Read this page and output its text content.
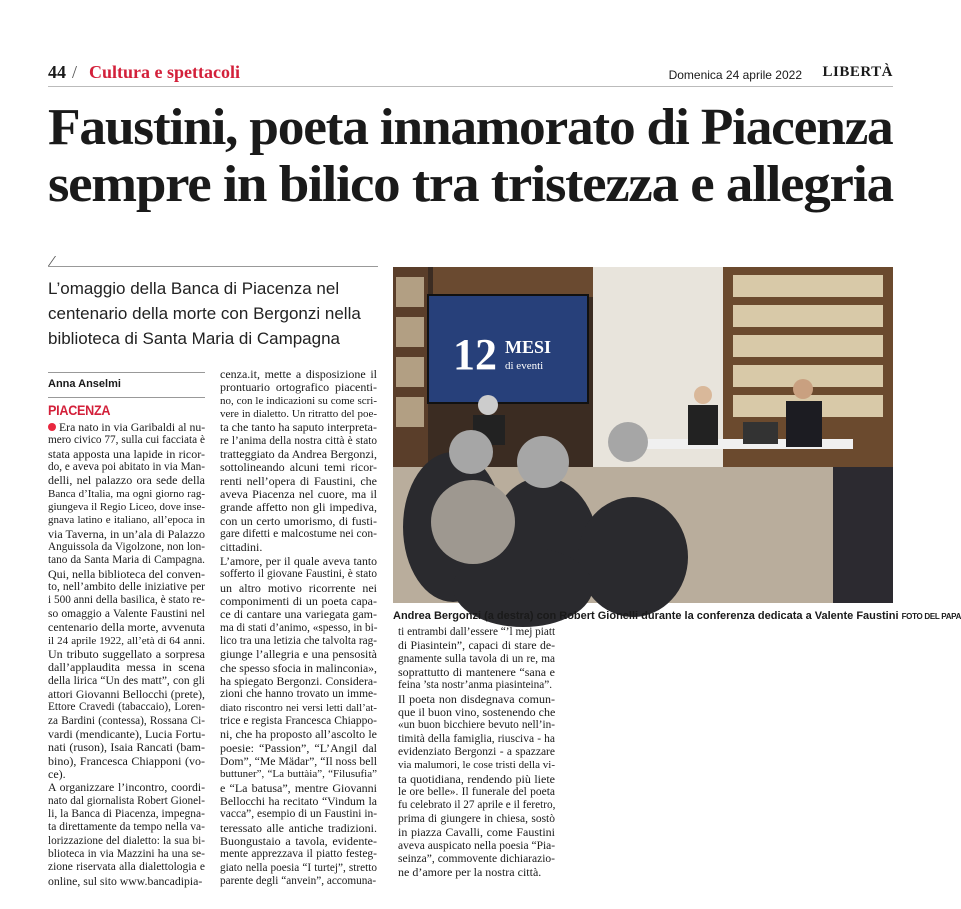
44 / Cultura e spettacoli	Domenica 24 aprile 2022 LIBERTÀ
Faustini, poeta innamorato di Piacenza
sempre in bilico tra tristezza e allegria
L’omaggio della Banca di Piacenza nel centenario della morte con Bergonzi nella biblioteca di Santa Maria di Campagna
Anna Anselmi
PIACENZA
Era nato in via Garibaldi al nu-
mero civico 77, sulla cui facciata è
stata apposta una lapide in ricor-
do, e aveva poi abitato in via Man-
delli, nel palazzo ora sede della
Banca d’Italia, ma ogni giorno rag-
giungeva il Regio Liceo, dove inse-
gnava latino e italiano, all’epoca in
via Taverna, in un’ala di Palazzo
Anguissola da Vigolzone, non lon-
tano da Santa Maria di Campagna.
Qui, nella biblioteca del conven-
to, nell’ambito delle iniziative per
i 500 anni della basilica, è stato re-
so omaggio a Valente Faustini nel
centenario della morte, avvenuta
il 24 aprile 1922, all’età di 64 anni.
Un tributo suggellato a sorpresa
dall’applaudita messa in scena
della lirica “Un des matt”, con gli
attori Giovanni Bellocchi (prete),
Ettore Cravedi (tabaccaio), Loren-
za Bardini (contessa), Rossana Ci-
vardi (mendicante), Lucia Fortu-
nati (ruson), Isaia Rancati (bam-
bino), Francesca Chiapponi (vo-
ce).
A organizzare l’incontro, coordi-
nato dal giornalista Robert Gionel-
li, la Banca di Piacenza, impegna-
ta direttamente da tempo nella va-
lorizzazione del dialetto: la sua bi-
blioteca in via Mazzini ha una se-
zione riservata alla dialettologia e
online, sul sito www.bancadipia-
cenza.it, mette a disposizione il
prontuario ortografico piacenti-
no, con le indicazioni su come scri-
vere in dialetto. Un ritratto del poe-
ta che tanto ha saputo interpreta-
re l’anima della nostra città è stato
tratteggiato da Andrea Bergonzi,
sottolineando alcuni temi ricor-
renti nell’opera di Faustini, che
aveva Piacenza nel cuore, ma il
grande affetto non gli impediva,
con un certo umorismo, di fusti-
gare difetti e malcostume nei con-
cittadini.
L’amore, per il quale aveva tanto
sofferto il giovane Faustini, è stato
un altro motivo ricorrente nei
componimenti di un poeta capa-
ce di cantare una variegata gam-
ma di stati d’animo, «spesso, in bi-
lico tra una letizia che talvolta rag-
giunge l’allegria e una pensosità
che spesso sfocia in malinconia»,
ha spiegato Bergonzi. Considera-
zioni che hanno trovato un imme-
diato riscontro nei versi letti dall’at-
trice e regista Francesca Chiappo-
ni, che ha proposto all’ascolto le
poesie: “Passion”, “L’Angil dal
Dom”, “Me Mädar”, “Il noss bell
buttuner”, “La buttàia”, “Filusufia”
e “La batusa”, mentre Giovanni
Bellocchi ha recitato “Vindum la
vacca”, esempio di un Faustini in-
teressato alle antiche tradizioni.
Buongustaio a tavola, evidente-
mente apprezzava il piatto festeg-
giato nella poesia “I turtej”, stretto
parente degli “anvein”, accomuna-
ti entrambi dall’essere “’l mej piatt
di Piasintein”, capaci di stare de-
gnamente sulla tavola di un re, ma
soprattutto di mantenere “sana e
feina ’sta nostr’anma piasinteina”.
Il poeta non disdegnava comun-
que il buon vino, sostenendo che
«un buon bicchiere bevuto nell’in-
timità della famiglia, riusciva - ha
evidenziato Bergonzi - a spazzare
via malumori, le cose tristi della vi-
ta quotidiana, rendendo più liete
le ore belle». Il funerale del poeta
fu celebrato il 27 aprile e il feretro,
prima di giungere in chiesa, sostò
in piazza Cavalli, come Faustini
aveva auspicato nella poesia “Pia-
seinza”, commovente dichiarazio-
ne d’amore per la nostra città.
12 MESI
di eventi
Andrea Bergonzi (a destra) con Robert Gionelli durante la conferenza dedicata a Valente Faustini FOTO DEL PAPA
